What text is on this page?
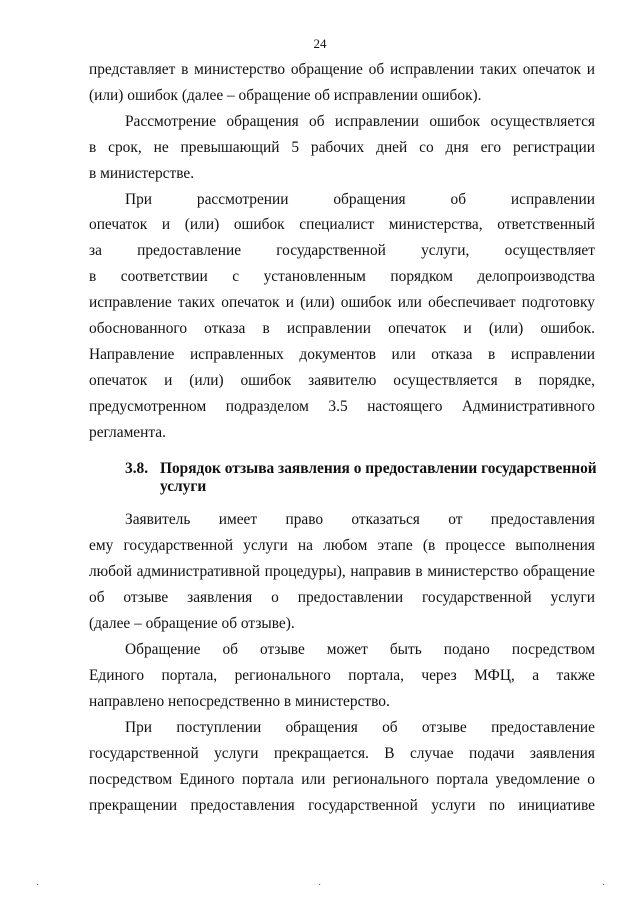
24
представляет в министерство обращение об исправлении таких опечаток и
(или) ошибок (далее – обращение об исправлении ошибок).
Рассмотрение обращения об исправлении ошибок осуществляется
в срок, не превышающий 5 рабочих дней со дня его регистрации
в министерстве.
При рассмотрении обращения об исправлении
опечаток и (или) ошибок специалист министерства, ответственный
за предоставление государственной услуги, осуществляет
в соответствии с установленным порядком делопроизводства
исправление таких опечаток и (или) ошибок или обеспечивает подготовку
обоснованного отказа в исправлении опечаток и (или) ошибок.
Направление исправленных документов или отказа в исправлении
опечаток и (или) ошибок заявителю осуществляется в порядке,
предусмотренном подразделом 3.5 настоящего Административного
регламента.
3.8. Порядок отзыва заявления о предоставлении государственной
услуги
Заявитель имеет право отказаться от предоставления
ему государственной услуги на любом этапе (в процессе выполнения
любой административной процедуры), направив в министерство обращение
об отзыве заявления о предоставлении государственной услуги
(далее – обращение об отзыве).
Обращение об отзыве может быть подано посредством
Единого портала, регионального портала, через МФЦ, а также
направлено непосредственно в министерство.
При поступлении обращения об отзыве предоставление
государственной услуги прекращается. В случае подачи заявления
посредством Единого портала или регионального портала уведомление о
прекращении предоставления государственной услуги по инициативе
·	·	·
